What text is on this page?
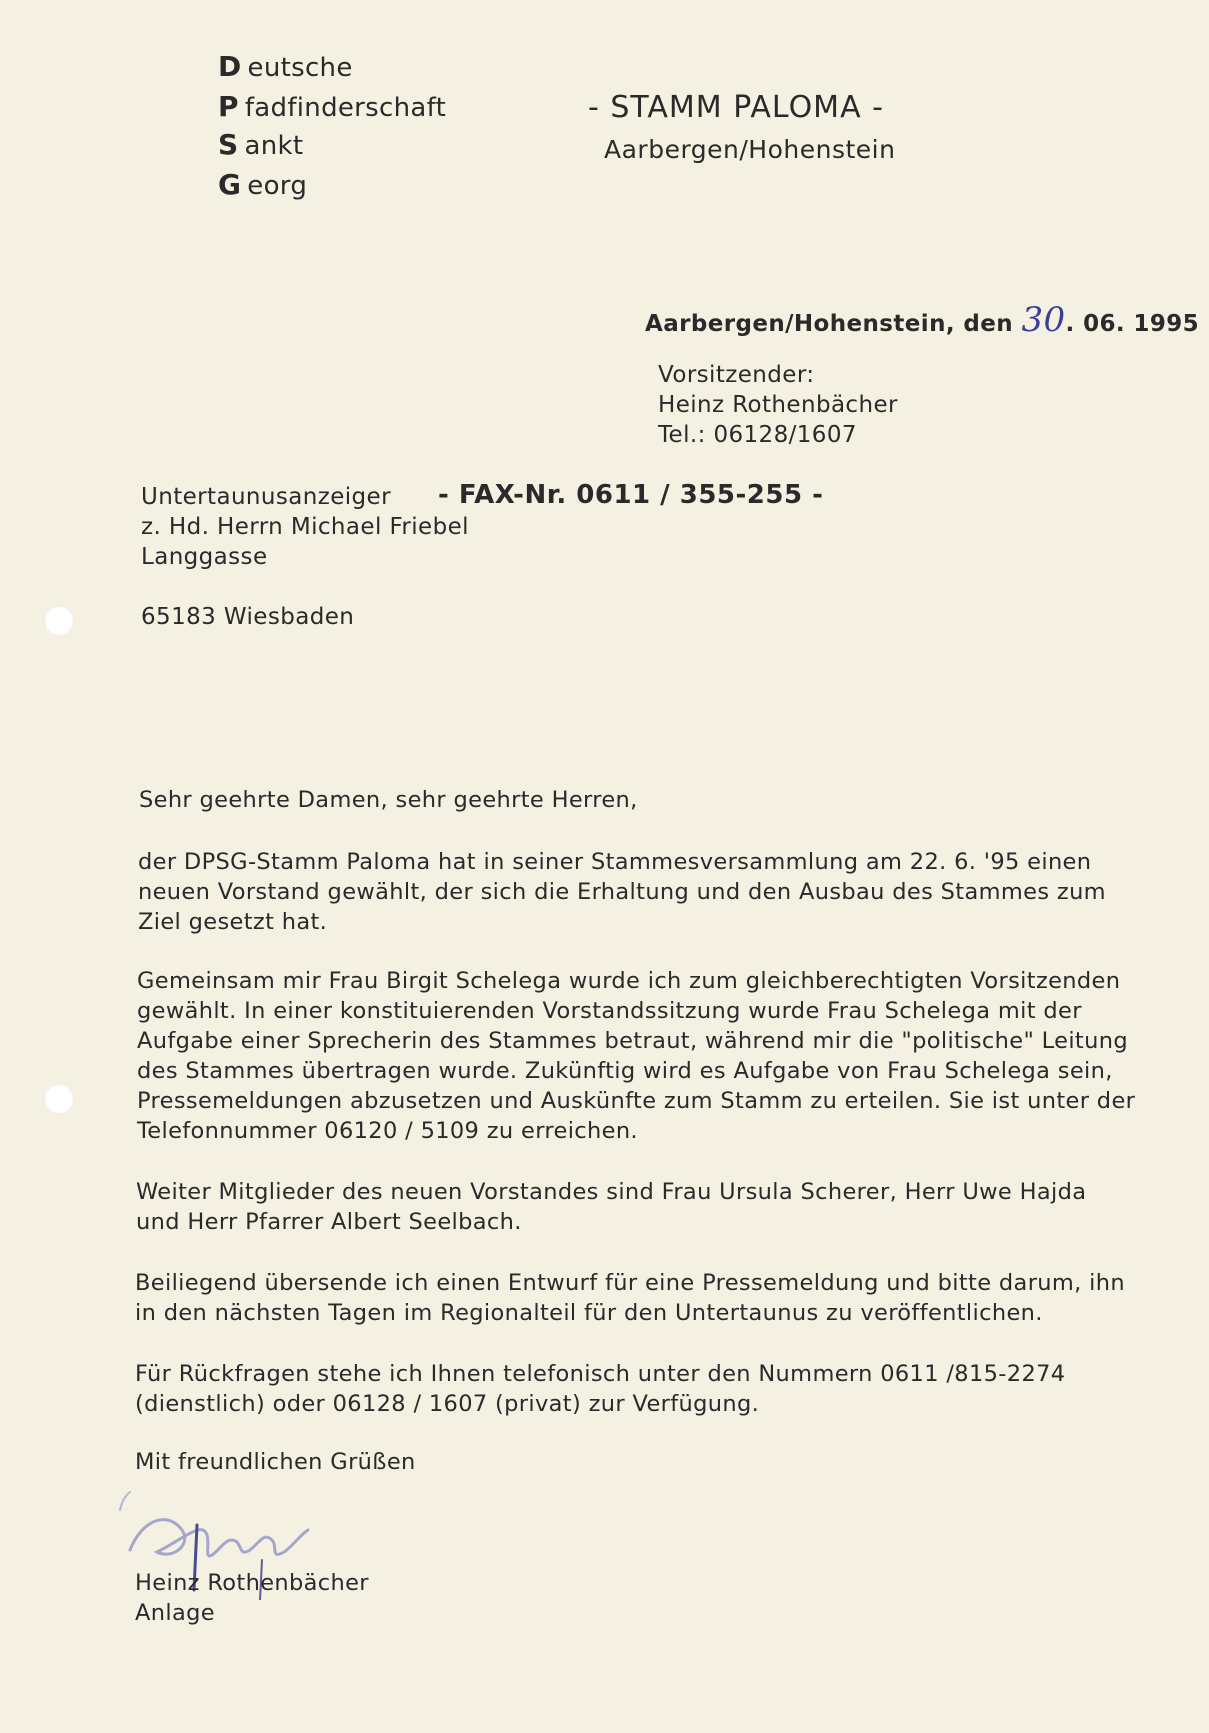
D eutsche
P fadfinderschaft
S ankt
G eorg
- STAMM PALOMA -
Aarbergen/Hohenstein
Aarbergen/Hohenstein, den 30. 06. 1995
Vorsitzender:
Heinz Rothenbächer
Tel.: 06128/1607
Untertaunusanzeiger - FAX-Nr. 0611 / 355-255 -
z. Hd. Herrn Michael Friebel
Langgasse
65183 Wiesbaden
Sehr geehrte Damen, sehr geehrte Herren,
der DPSG-Stamm Paloma hat in seiner Stammesversammlung am 22. 6. '95 einen
neuen Vorstand gewählt, der sich die Erhaltung und den Ausbau des Stammes zum
Ziel gesetzt hat.
Gemeinsam mir Frau Birgit Schelega wurde ich zum gleichberechtigten Vorsitzenden
gewählt. In einer konstituierenden Vorstandssitzung wurde Frau Schelega mit der
Aufgabe einer Sprecherin des Stammes betraut, während mir die "politische" Leitung
des Stammes übertragen wurde. Zukünftig wird es Aufgabe von Frau Schelega sein,
Pressemeldungen abzusetzen und Auskünfte zum Stamm zu erteilen. Sie ist unter der
Telefonnummer 06120 / 5109 zu erreichen.
Weiter Mitglieder des neuen Vorstandes sind Frau Ursula Scherer, Herr Uwe Hajda
und Herr Pfarrer Albert Seelbach.
Beiliegend übersende ich einen Entwurf für eine Pressemeldung und bitte darum, ihn
in den nächsten Tagen im Regionalteil für den Untertaunus zu veröffentlichen.
Für Rückfragen stehe ich Ihnen telefonisch unter den Nummern 0611 /815-2274
(dienstlich) oder 06128 / 1607 (privat) zur Verfügung.
Mit freundlichen Grüßen
Heinz Rothenbächer
Anlage
